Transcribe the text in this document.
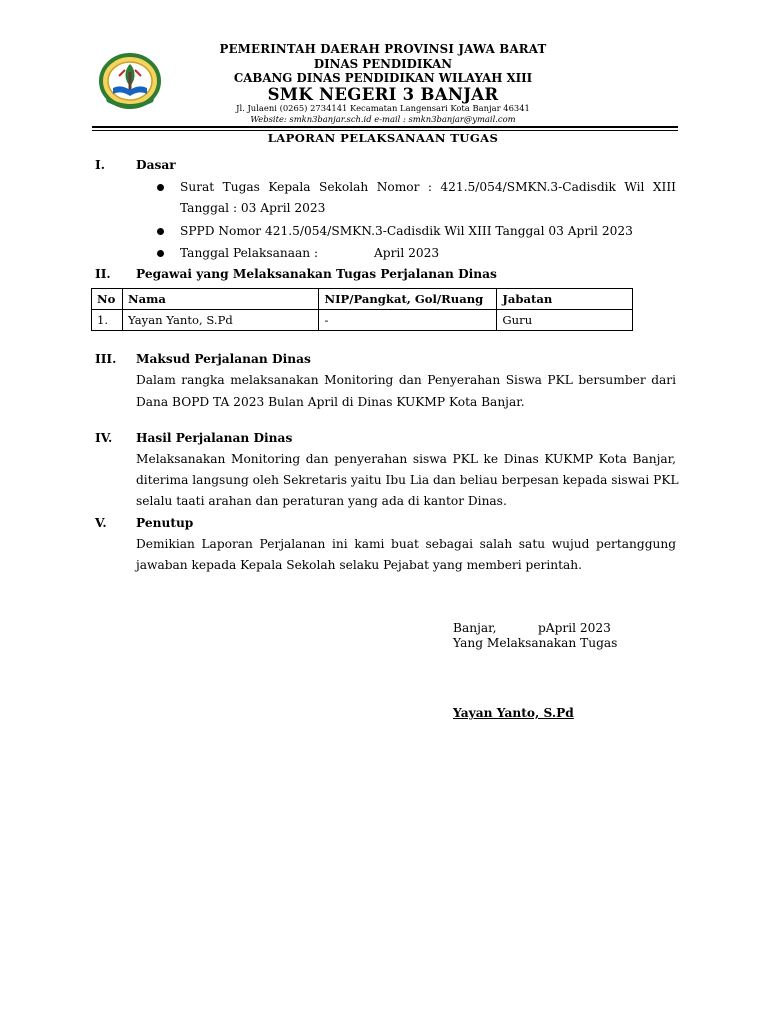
PEMERINTAH DAERAH PROVINSI JAWA BARAT
DINAS PENDIDIKAN
CABANG DINAS PENDIDIKAN WILAYAH XIII
SMK NEGERI 3 BANJAR
Jl. Julaeni (0265) 2734141 Kecamatan Langensari Kota Banjar 46341
Website: smkn3banjar.sch.id e-mail : smkn3banjar@ymail.com
LAPORAN PELAKSANAAN TUGAS
I.	Dasar
Surat Tugas Kepala Sekolah Nomor : 421.5/054/SMKN.3-Cadisdik Wil XIII
Tanggal : 03 April 2023
SPPD Nomor 421.5/054/SMKN.3-Cadisdik Wil XIII Tanggal 03 April 2023
Tanggal Pelaksanaan :	April 2023
II. Pegawai yang Melaksanakan Tugas Perjalanan Dinas
No	Nama	NIP/Pangkat, Gol/Ruang	Jabatan
1.	Yayan Yanto, S.Pd	-	Guru
III. Maksud Perjalanan Dinas
Dalam rangka melaksanakan Monitoring dan Penyerahan Siswa PKL bersumber dari
Dana BOPD TA 2023 Bulan April di Dinas KUKMP Kota Banjar.
IV. Hasil Perjalanan Dinas
Melaksanakan Monitoring dan penyerahan siswa PKL ke Dinas KUKMP Kota Banjar,
diterima langsung oleh Sekretaris yaitu Ibu Lia dan beliau berpesan kepada siswai PKL
selalu taati arahan dan peraturan yang ada di kantor Dinas.
V. Penutup
Demikian Laporan Perjalanan ini kami buat sebagai salah satu wujud pertanggung
jawaban kepada Kepala Sekolah selaku Pejabat yang memberi perintah.
Banjar,	pApril 2023
Yang Melaksanakan Tugas
Yayan Yanto, S.Pd
